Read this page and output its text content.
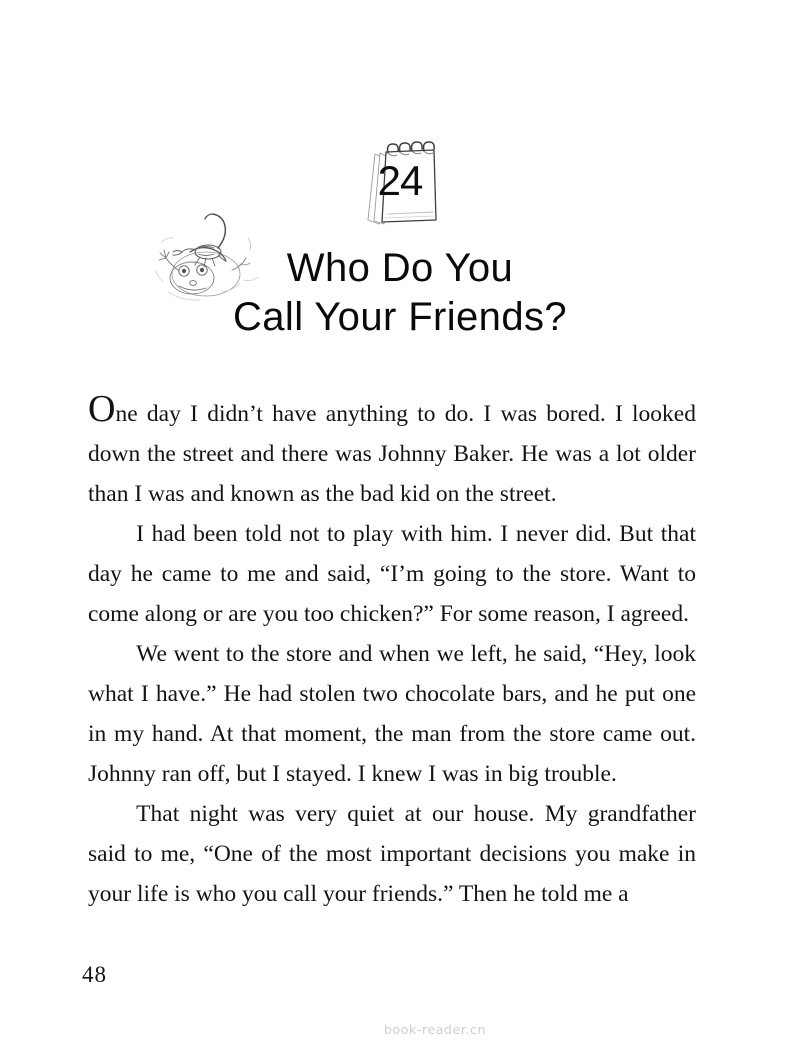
24
Who Do You
Call Your Friends?

One day I didn’t have anything to do. I was bored. I looked down the street and there was Johnny Baker. He was a lot older than I was and known as the bad kid on the street.

I had been told not to play with him. I never did. But that day he came to me and said, “I’m going to the store. Want to come along or are you too chicken?” For some reason, I agreed.

We went to the store and when we left, he said, “Hey, look what I have.” He had stolen two chocolate bars, and he put one in my hand. At that moment, the man from the store came out. Johnny ran off, but I stayed. I knew I was in big trouble.

That night was very quiet at our house. My grandfather said to me, “One of the most important decisions you make in your life is who you call your friends.” Then he told me a

48
book-reader.cn
